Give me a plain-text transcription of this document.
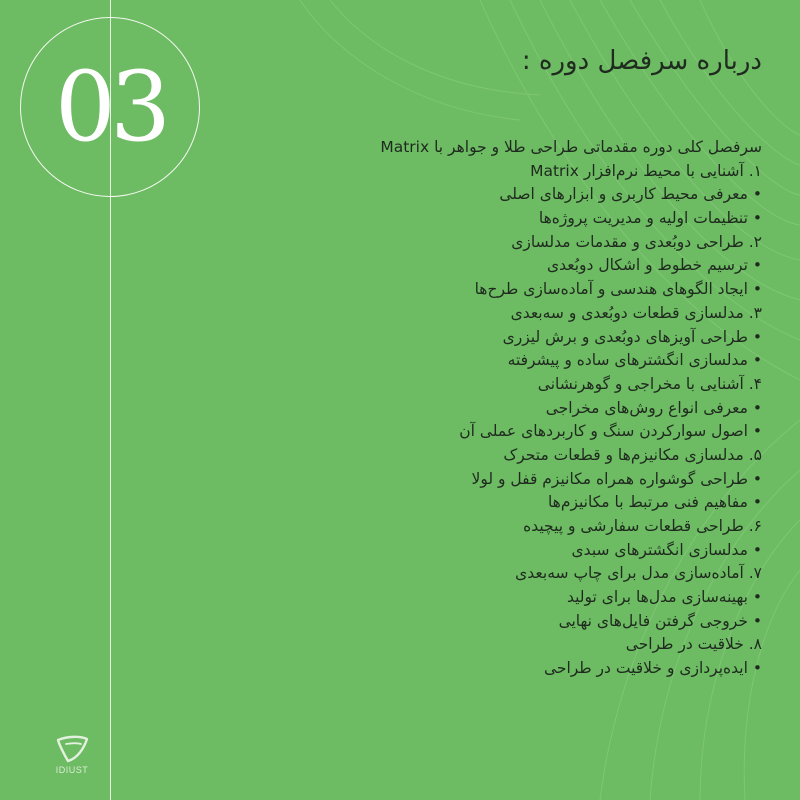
03	درباره سرفصل دوره :
سرفصل کلی دوره مقدماتی طراحی طلا و جواهر با Matrix
۱. آشنایی با محیط نرم‌افزار Matrix
• معرفی محیط کاربری و ابزارهای اصلی
• تنظیمات اولیه و مدیریت پروژه‌ها
۲. طراحی دوبُعدی و مقدمات مدلسازی
• ترسیم خطوط و اشکال دوبُعدی
• ایجاد الگوهای هندسی و آماده‌سازی طرح‌ها
۳. مدلسازی قطعات دوبُعدی و سه‌بعدی
• طراحی آویزهای دوبُعدی و برش لیزری
• مدلسازی انگشترهای ساده و پیشرفته
۴. آشنایی با مخراجی و گوهرنشانی
• معرفی انواع روش‌های مخراجی
• اصول سوارکردن سنگ و کاربردهای عملی آن
۵. مدلسازی مکانیزم‌ها و قطعات متحرک
• طراحی گوشواره همراه مکانیزم قفل و لولا
• مفاهیم فنی مرتبط با مکانیزم‌ها
۶. طراحی قطعات سفارشی و پیچیده
• مدلسازی انگشترهای سبدی
۷. آماده‌سازی مدل برای چاپ سه‌بعدی
• بهینه‌سازی مدل‌ها برای تولید
• خروجی گرفتن فایل‌های نهایی
۸. خلاقیت در طراحی
• ایده‌پردازی و خلاقیت در طراحی
IDIUST
